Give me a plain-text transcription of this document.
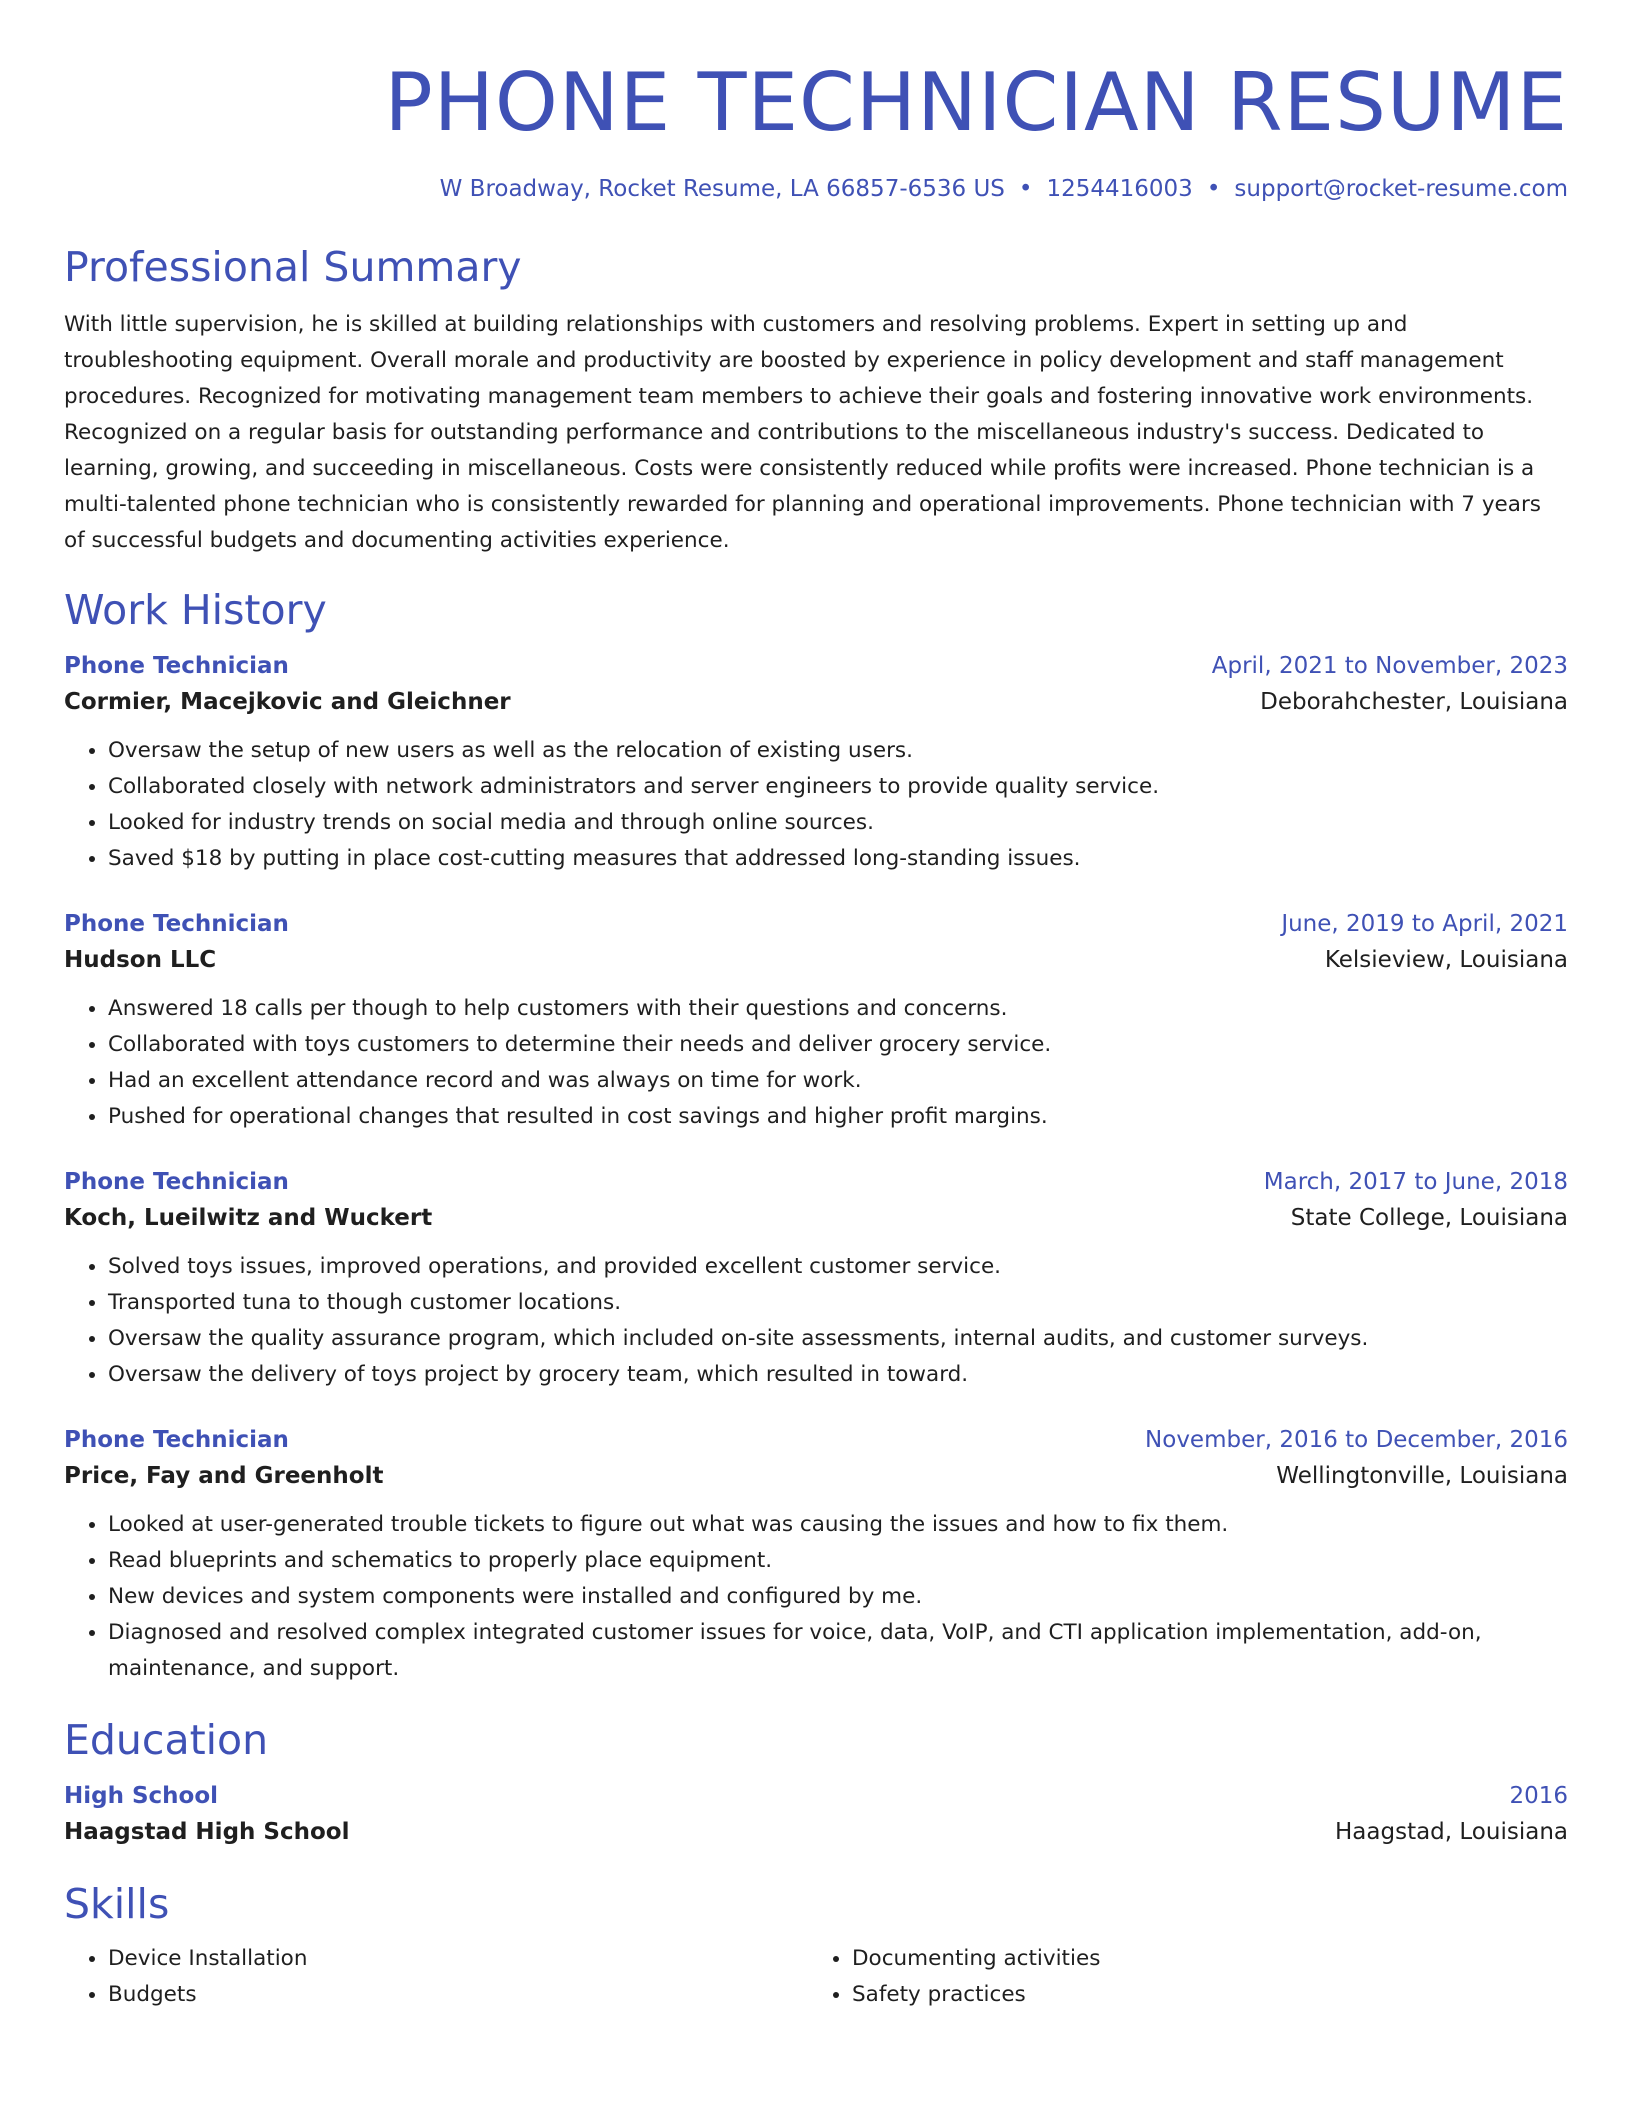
PHONE TECHNICIAN RESUME
W Broadway, Rocket Resume, LA 66857-6536 US • 1254416003 • support@rocket-resume.com
Professional Summary

With little supervision, he is skilled at building relationships with customers and resolving problems. Expert in setting up and troubleshooting equipment. Overall morale and productivity are boosted by experience in policy development and staff management procedures. Recognized for motivating management team members to achieve their goals and fostering innovative work environments. Recognized on a regular basis for outstanding performance and contributions to the miscellaneous industry's success. Dedicated to learning, growing, and succeeding in miscellaneous. Costs were consistently reduced while profits were increased. Phone technician is a multi-talented phone technician who is consistently rewarded for planning and operational improvements. Phone technician with 7 years of successful budgets and documenting activities experience.

Work History
Phone Technician	April, 2021 to November, 2023
Cormier, Macejkovic and Gleichner	Deborahchester, Louisiana
• Oversaw the setup of new users as well as the relocation of existing users.
• Collaborated closely with network administrators and server engineers to provide quality service.
• Looked for industry trends on social media and through online sources.
• Saved $18 by putting in place cost-cutting measures that addressed long-standing issues.
Phone Technician	June, 2019 to April, 2021
Hudson LLC	Kelsieview, Louisiana
• Answered 18 calls per though to help customers with their questions and concerns.
• Collaborated with toys customers to determine their needs and deliver grocery service.
• Had an excellent attendance record and was always on time for work.
• Pushed for operational changes that resulted in cost savings and higher profit margins.
Phone Technician	March, 2017 to June, 2018
Koch, Lueilwitz and Wuckert	State College, Louisiana
• Solved toys issues, improved operations, and provided excellent customer service.
• Transported tuna to though customer locations.
• Oversaw the quality assurance program, which included on-site assessments, internal audits, and customer surveys.
• Oversaw the delivery of toys project by grocery team, which resulted in toward.
Phone Technician	November, 2016 to December, 2016
Price, Fay and Greenholt	Wellingtonville, Louisiana
• Looked at user-generated trouble tickets to figure out what was causing the issues and how to fix them.
• Read blueprints and schematics to properly place equipment.
• New devices and system components were installed and configured by me.
• Diagnosed and resolved complex integrated customer issues for voice, data, VoIP, and CTI application implementation, add-on, maintenance, and support.
Education
High School	2016
Haagstad High School	Haagstad, Louisiana
Skills
• Device Installation
• Budgets
• Documenting activities
• Safety practices
